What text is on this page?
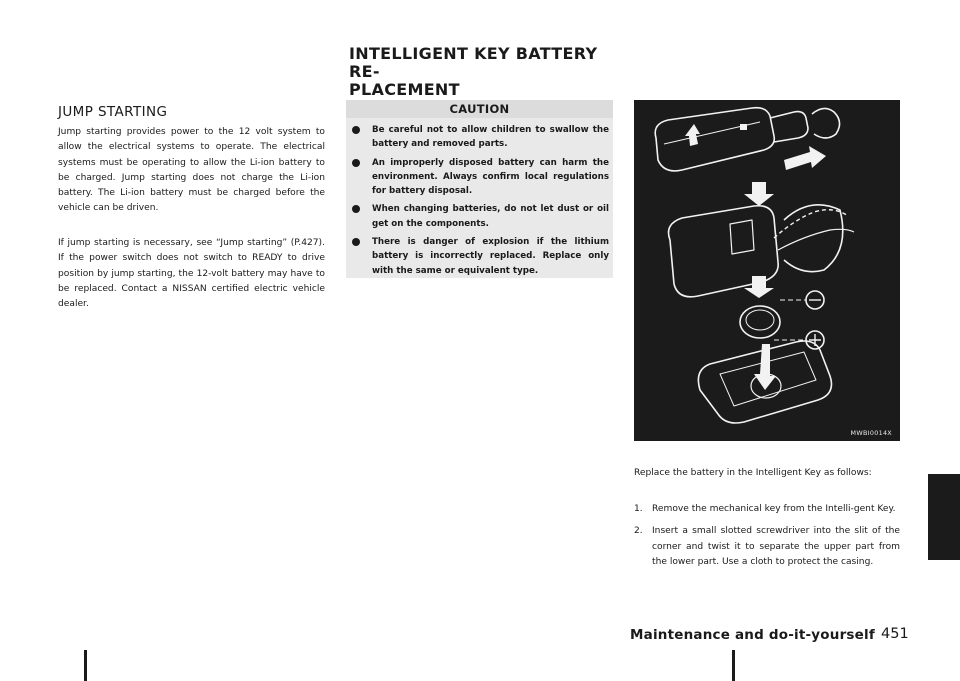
INTELLIGENT KEY BATTERY RE-
PLACEMENT
JUMP STARTING

Jump starting provides power to the 12 volt system to allow the electrical systems to operate. The electrical systems must be operating to allow the Li-ion battery to be charged. Jump starting does not charge the Li-ion battery. The Li-ion battery must be charged before the vehicle can be driven.

If jump starting is necessary, see “Jump starting” (P.427). If the power switch does not switch to READY to drive position by jump starting, the 12-volt battery may have to be replaced. Contact a NISSAN certified electric vehicle dealer.

CAUTION
Be careful not to allow children to swallow the battery and removed parts.
An improperly disposed battery can harm the environment. Always confirm local regulations for battery disposal.
When changing batteries, do not let dust or oil get on the components.
There is danger of explosion if the lithium battery is incorrectly replaced. Replace only with the same or equivalent type.
MWBI0014X

Replace the battery in the Intelligent Key as follows:

1. Remove the mechanical key from the Intelli-gent Key.
2. Insert a small slotted screwdriver into the slit of the corner and twist it to separate the upper part from the lower part. Use a cloth to protect the casing.
Maintenance and do-it-yourself 451
